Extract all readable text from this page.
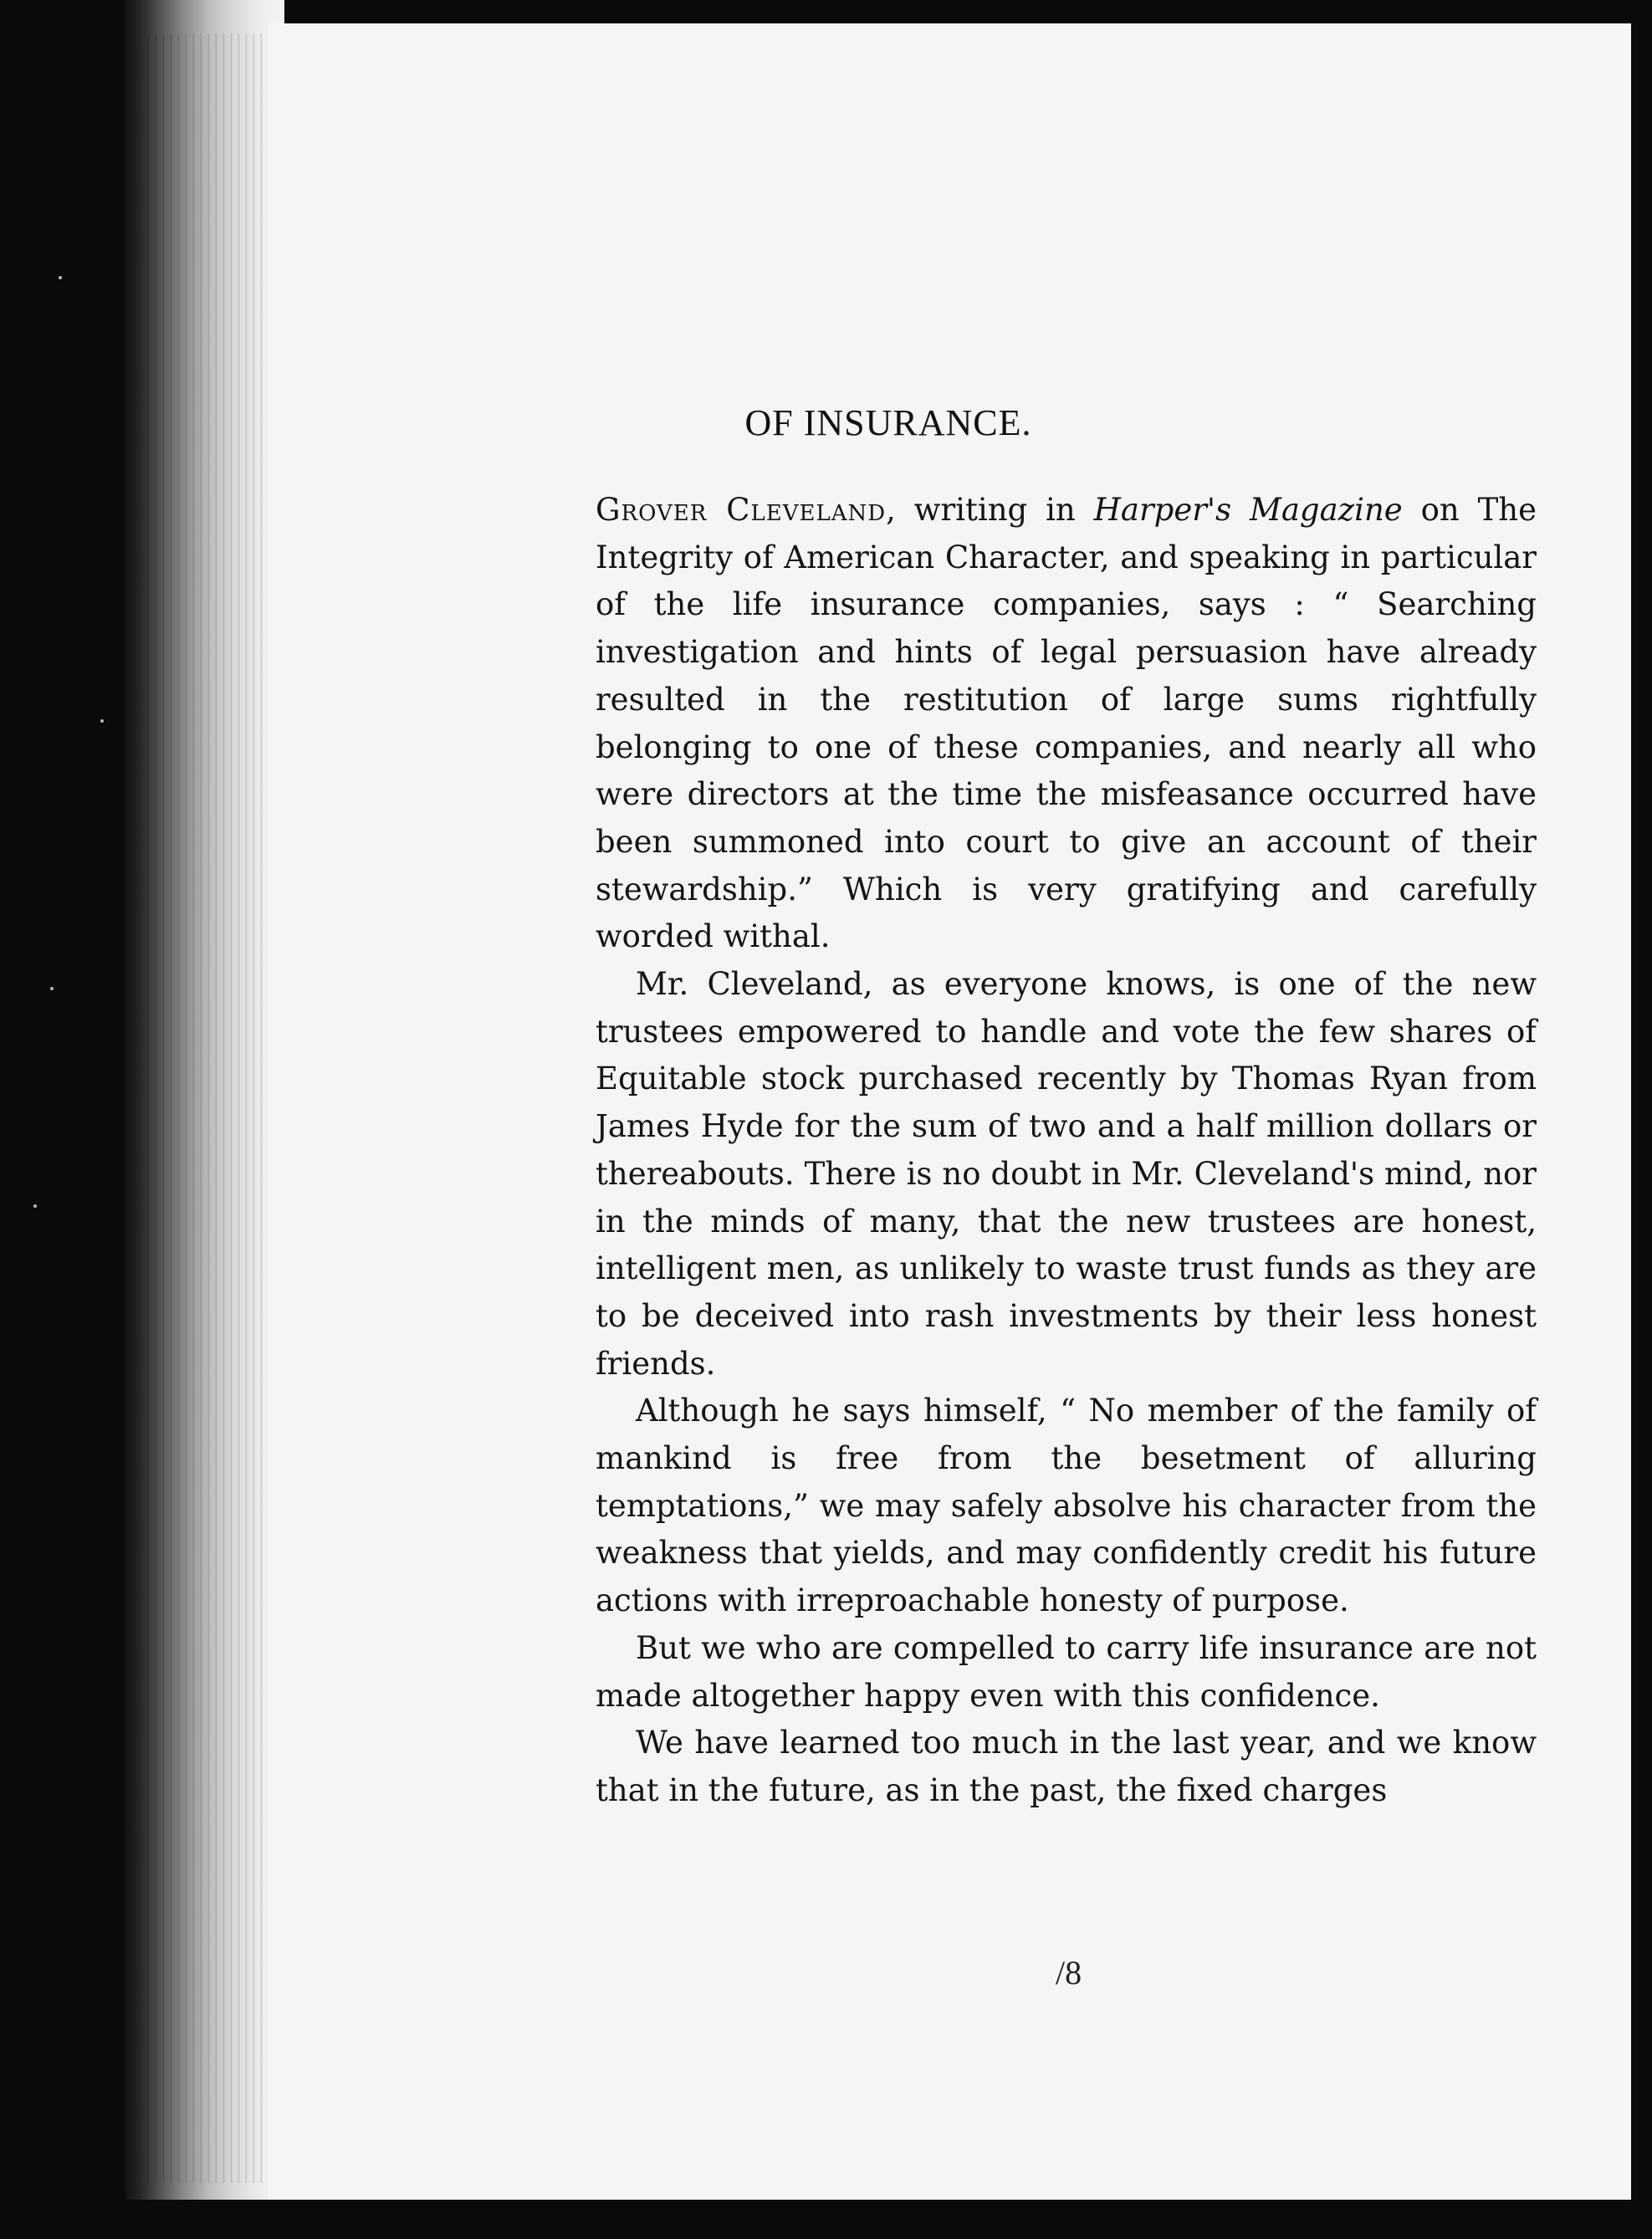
OF INSURANCE.

Grover Cleveland, writing in Harper's Magazine on The Integrity of American Character, and speaking in particular of the life insurance companies, says : “ Searching investigation and hints of legal persuasion have already resulted in the restitution of large sums rightfully belonging to one of these companies, and nearly all who were directors at the time the misfeasance occurred have been summoned into court to give an account of their stewardship.” Which is very gratifying and carefully worded withal.

Mr. Cleveland, as everyone knows, is one of the new trustees empowered to handle and vote the few shares of Equitable stock purchased recently by Thomas Ryan from James Hyde for the sum of two and a half million dollars or thereabouts. There is no doubt in Mr. Cleveland's mind, nor in the minds of many, that the new trustees are honest, intelligent men, as unlikely to waste trust funds as they are to be deceived into rash investments by their less honest friends.

Although he says himself, “ No member of the family of mankind is free from the besetment of alluring temptations,” we may safely absolve his character from the weakness that yields, and may confidently credit his future actions with irreproachable honesty of purpose.

But we who are compelled to carry life insurance are not made altogether happy even with this confidence.

We have learned too much in the last year, and we know that in the future, as in the past, the fixed charges

/8
